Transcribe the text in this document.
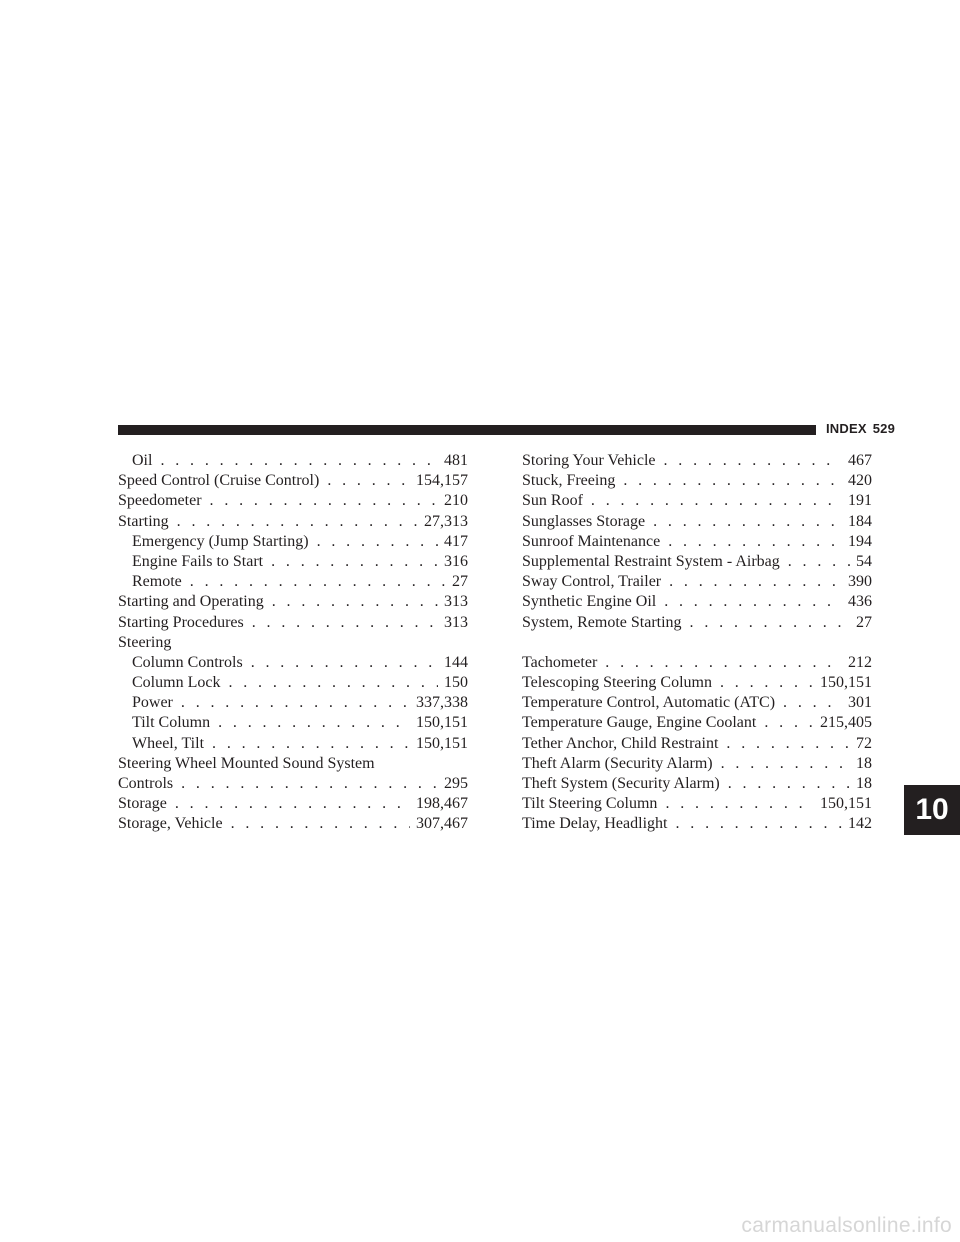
INDEX 529
Oil . . .	481
Speed Control (Cruise Control) . . .	154,157
Speedometer . . .	210
Starting . . .	27,313
Emergency (Jump Starting) . . .	417
Engine Fails to Start . . .	316
Remote . . .	27
Starting and Operating . . .	313
Starting Procedures . . .	313
Steering
Column Controls . . .	144
Column Lock . . .	150
Power . . .	337,338
Tilt Column . . .	150,151
Wheel, Tilt . . .	150,151
Steering Wheel Mounted Sound System
Controls . . .	295
Storage . . .	198,467
Storage, Vehicle . . .	307,467
Storing Your Vehicle . . .	467
Stuck, Freeing . . .	420
Sun Roof . . .	191
Sunglasses Storage . . .	184
Sunroof Maintenance . . .	194
Supplemental Restraint System - Airbag . . .	54
Sway Control, Trailer . . .	390
Synthetic Engine Oil . . .	436
System, Remote Starting . . .	27
Tachometer . . .	212
Telescoping Steering Column . . .	150,151
Temperature Control, Automatic (ATC) . . .	301
Temperature Gauge, Engine Coolant . . .	215,405
Tether Anchor, Child Restraint . . .	72
Theft Alarm (Security Alarm) . . .	18
Theft System (Security Alarm) . . .	18
Tilt Steering Column . . .	150,151
Time Delay, Headlight . . .	142	10
carmanualsonline.info
